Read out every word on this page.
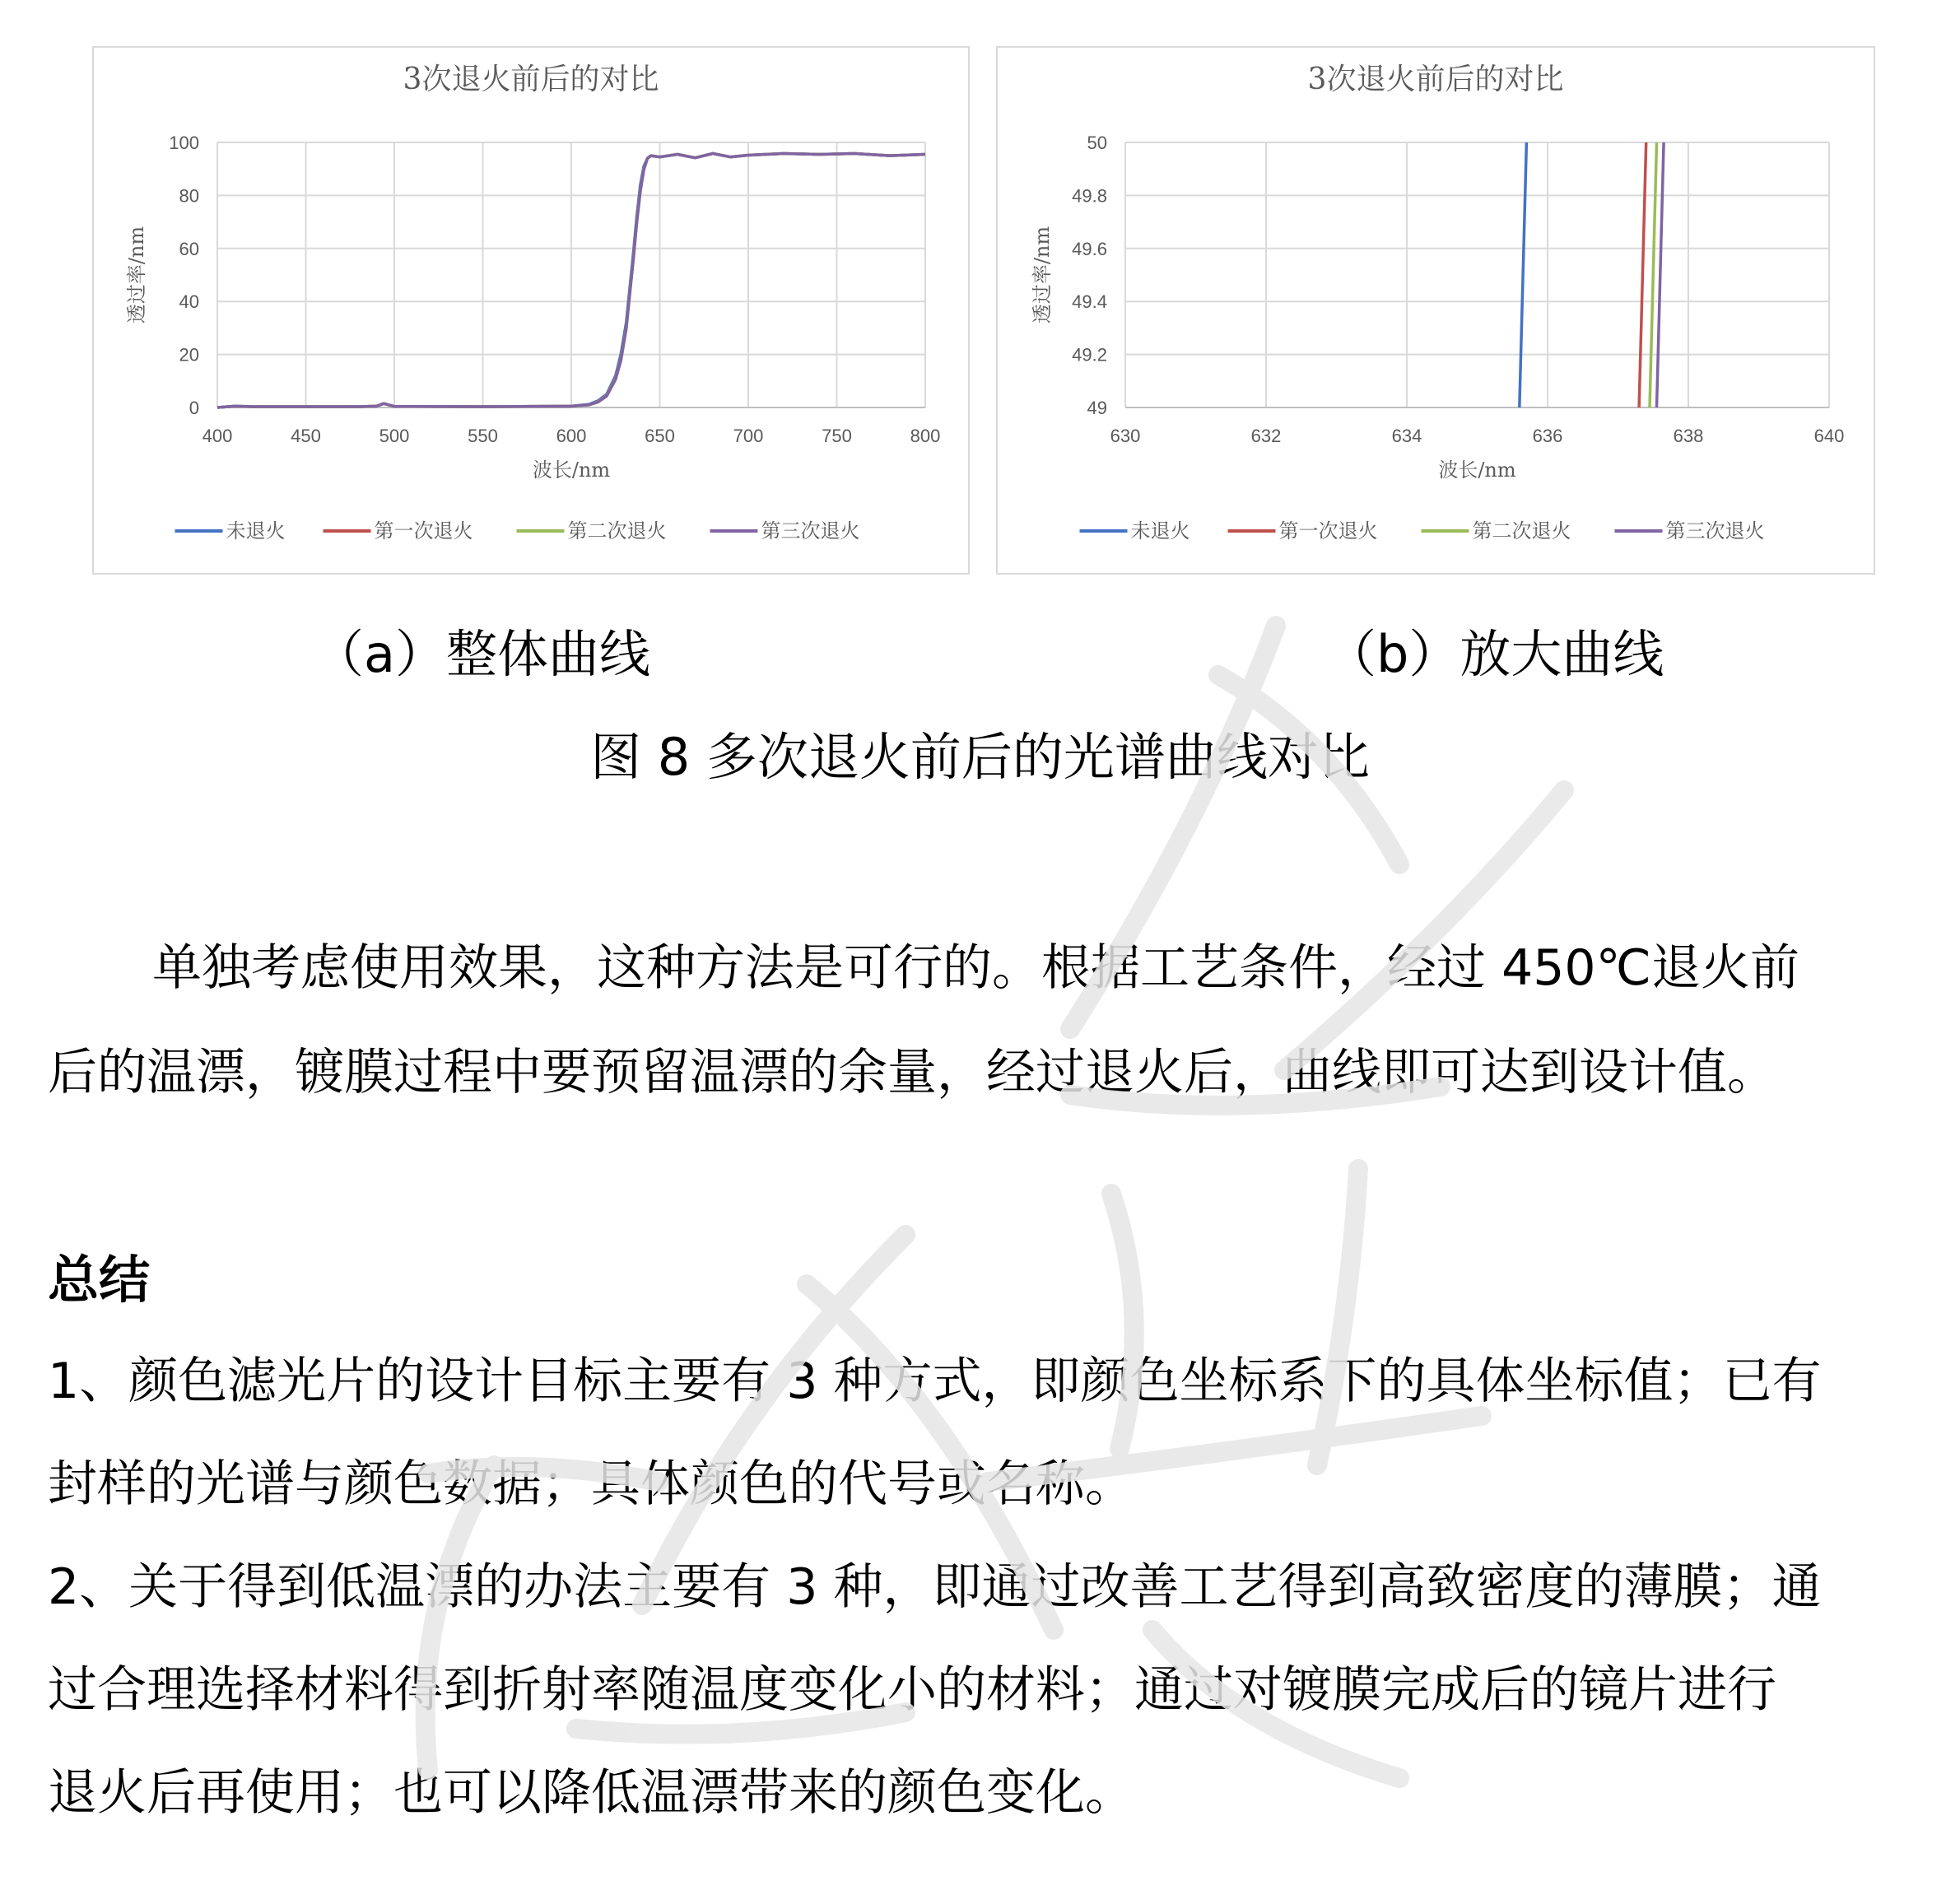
3次退火前后的对比
0
20
40
60
80
100
400	450	500	550	600	650	700	750	800
波长/nm
透过率/nm
未退火	第一次退火	第二次退火	第三次退火
3次退火前后的对比
49
49.2
49.4
49.6
49.8
50
630	632	634	636	638	640
波长/nm
透过率/nm
未退火	第一次退火	第二次退火	第三次退火
（a）整体曲线	（b）放大曲线
图 8 多次退火前后的光谱曲线对比
单独考虑使用效果，这种方法是可行的。根据工艺条件，经过 450℃退火前
后的温漂，镀膜过程中要预留温漂的余量，经过退火后，曲线即可达到设计值。
总结
1、颜色滤光片的设计目标主要有 3 种方式，即颜色坐标系下的具体坐标值；已有
封样的光谱与颜色数据；具体颜色的代号或名称。
2、关于得到低温漂的办法主要有 3 种，即通过改善工艺得到高致密度的薄膜；通
过合理选择材料得到折射率随温度变化小的材料；通过对镀膜完成后的镜片进行
退火后再使用；也可以降低温漂带来的颜色变化。
